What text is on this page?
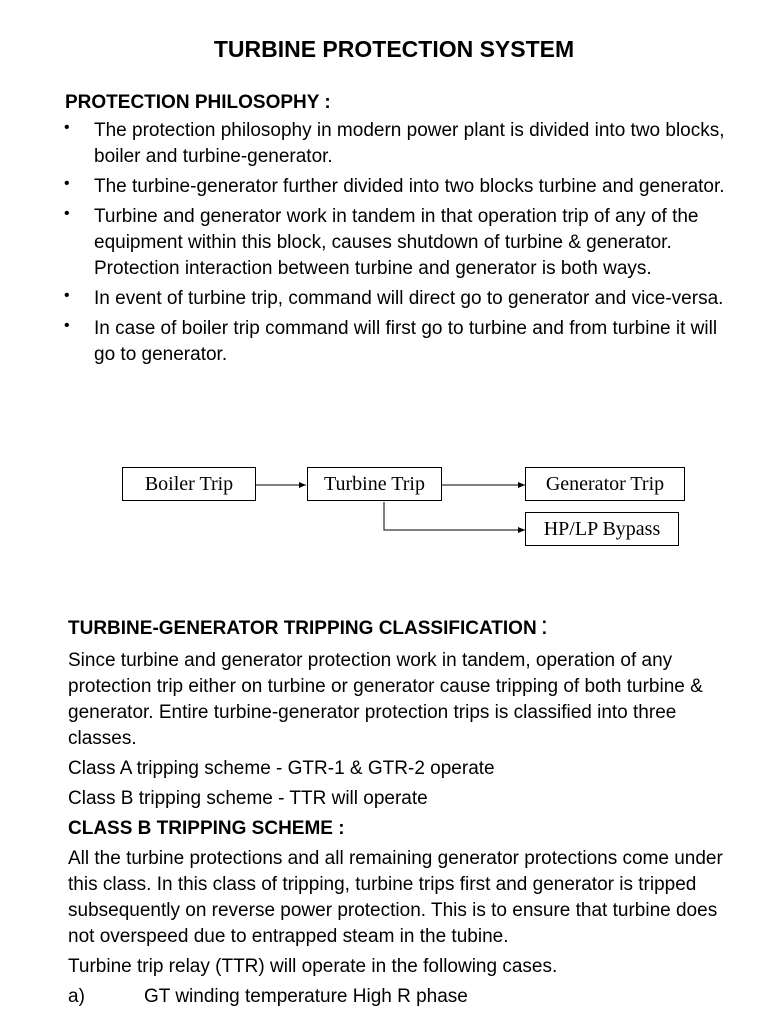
TURBINE PROTECTION SYSTEM
PROTECTION PHILOSOPHY :
• The protection philosophy in modern power plant is divided into two blocks, boiler and turbine-generator.
• The turbine-generator further divided into two blocks turbine and generator.
• Turbine and generator work in tandem in that operation trip of any of the equipment within this block, causes shutdown of turbine & generator. Protection interaction between turbine and generator is both ways.
• In event of turbine trip, command will direct go to generator and vice-versa.
• In case of boiler trip command will first go to turbine and from turbine it will go to generator.
Boiler Trip	Turbine Trip	Generator Trip
HP/LP Bypass

TURBINE-GENERATOR TRIPPING CLASSIFICATION :

Since turbine and generator protection work in tandem, operation of any protection trip either on turbine or generator cause tripping of both turbine & generator. Entire turbine-generator protection trips is classified into three classes.

Class A tripping scheme - GTR-1 & GTR-2 operate

Class B tripping scheme - TTR will operate

CLASS B TRIPPING SCHEME :

All the turbine protections and all remaining generator protections come under this class. In this class of tripping, turbine trips first and generator is tripped subsequently on reverse power protection. This is to ensure that turbine does not overspeed due to entrapped steam in the tubine.

Turbine trip relay (TTR) will operate in the following cases.

a)	GT winding temperature High R phase
